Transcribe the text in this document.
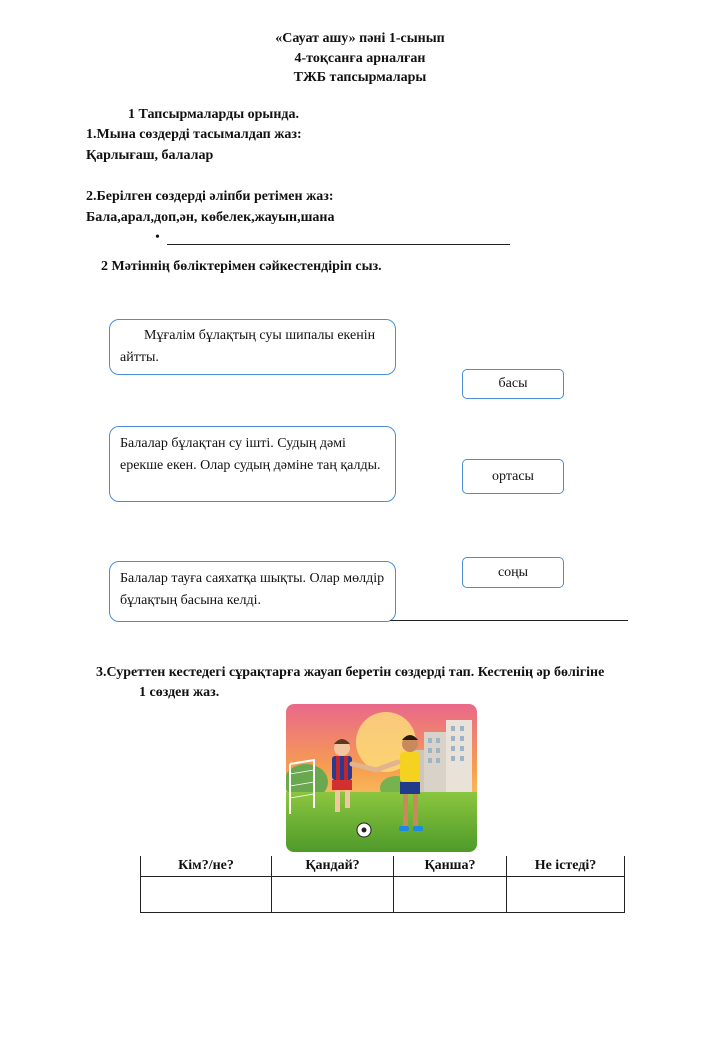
«Сауат ашу» пәні 1-сынып
4-тоқсанға арналған
ТЖБ тапсырмалары
1 Тапсырмаларды орында.
1.Мына сөздерді тасымалдап жаз:
Қарлығаш, балалар
2.Берілген сөздерді әліпби ретімен жаз:
Бала,арал,доп,ән, көбелек,жауын,шана
•
2 Мәтіннің бөліктерімен сәйкестендіріп сыз.
Мұғалім бұлақтың суы шипалы екенін айтты.
Балалар бұлақтан су ішті. Судың дәмі ерекше екен. Олар судың дәміне таң қалды.
Балалар тауға саяхатқа шықты. Олар мөлдір бұлақтың басына келді.
басы
ортасы
соңы
3.Суреттен кестедегі сұрақтарға жауап беретін сөздерді тап. Кестенің әр бөлігіне
1 сөзден жаз.
Кім?/не?	Қандай?	Қанша?	Не істеді?
